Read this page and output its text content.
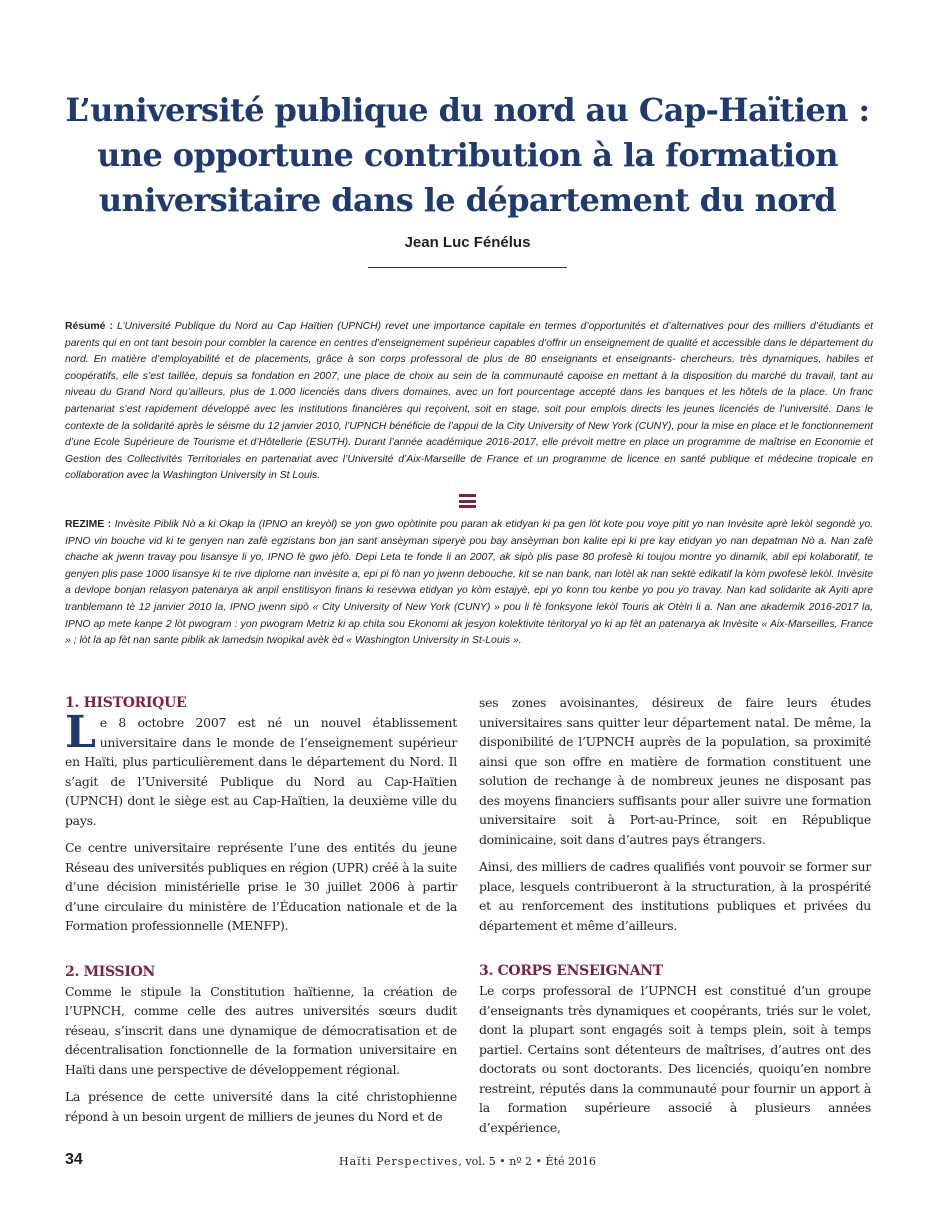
L’université publique du nord au Cap-Haïtien :
une opportune contribution à la formation
universitaire dans le département du nord
Jean Luc Fénélus

Résumé : L’Université Publique du Nord au Cap Haïtien (UPNCH) revet une importance capitale en termes d’opportunités et d’alternatives pour des milliers d’étudiants et parents qui en ont tant besoin pour combler la carence en centres d’enseignement supérieur capables d’offrir un enseignement de qualité et accessible dans le département du nord. En matière d’employabilité et de placements, grâce à son corps professoral de plus de 80 enseignants et enseignants- chercheurs, très dynamiques, habiles et coopératifs, elle s’est taillée, depuis sa fondation en 2007, une place de choix au sein de la communauté capoise en mettant à la disposition du marché du travail, tant au niveau du Grand Nord qu’ailleurs, plus de 1.000 licenciés dans divers domaines, avec un fort pourcentage accepté dans les banques et les hôtels de la place. Un franc partenariat s’est rapidement développé avec les institutions financières qui reçoivent, soit en stage, soit pour emplois directs les jeunes licenciés de l’université. Dans le contexte de la solidarité après le séisme du 12 janvier 2010, l’UPNCH bénéficie de l’appui de la City University of New York (CUNY), pour la mise en place et le fonctionnement d’une Ecole Supérieure de Tourisme et d’Hôtellerie (ESUTH). Durant l’année académique 2016-2017, elle prévoit mettre en place un programme de maîtrise en Economie et Gestion des Collectivités Territoriales en partenariat avec l’Université d’Aix-Marseille de France et un programme de licence en santé publique et médecine tropicale en collaboration avec la Washington University in St Louis.

REZIME : Invèsite Piblik Nò a ki Okap la (IPNO an kreyòl) se yon gwo opòtinite pou paran ak etidyan ki pa gen lòt kote pou voye pitit yo nan Invèsite aprè lekòl segondè yo. IPNO vin bouche vid ki te genyen nan zafè egzistans bon jan sant ansèyman siperyè pou bay ansèyman bon kalite epi ki pre kay etidyan yo nan depatman Nò a. Nan zafè chache ak jwenn travay pou lisansye li yo, IPNO fè gwo jèfò. Depi Leta te fonde li an 2007, ak sipò plis pase 80 profesè ki toujou montre yo dinamik, abil epi kolaboratif, te genyen plis pase 1000 lisansye ki te rive diplome nan invèsite a, epi pi fò nan yo jwenn debouche, kit se nan bank, nan lotèl ak nan sektè edikatif la kòm pwofesè lekòl. Invèsite a devlope bonjan relasyon patenarya ak anpil enstitisyon finans ki resevwa etidyan yo kòm estajyè, epi yo konn tou kenbe yo pou yo travay. Nan kad solidarite ak Ayiti apre tranblemann tè 12 janvier 2010 la, IPNO jwenn sipò « City University of New York (CUNY) » pou li fè fonksyone lekòl Touris ak Otèlri li a. Nan ane akademik 2016-2017 la, IPNO ap mete kanpe 2 lòt pwogram : yon pwogram Metriz ki ap chita sou Ekonomi ak jesyon kolektivite tèritoryal yo ki ap fèt an patenarya ak Invèsite « Aix-Marseilles, France » ; lòt la ap fèt nan sante piblik ak lamedsin twopikal avèk èd « Washington University in St-Louis ».

1. HISTORIQUE

Le 8 octobre 2007 est né un nouvel établissement universitaire dans le monde de l’enseignement supérieur en Haïti, plus particulièrement dans le département du Nord. Il s’agit de l’Université Publique du Nord au Cap-Haïtien (UPNCH) dont le siège est au Cap-Haïtien, la deuxième ville du pays.

Ce centre universitaire représente l’une des entités du jeune Réseau des universités publiques en région (UPR) créé à la suite d’une décision ministérielle prise le 30 juillet 2006 à partir d’une circulaire du ministère de l’Éducation nationale et de la Formation professionnelle (MENFP).

2. MISSION

Comme le stipule la Constitution haïtienne, la création de l’UPNCH, comme celle des autres universités sœurs dudit réseau, s’inscrit dans une dynamique de démocratisation et de décentralisation fonctionnelle de la formation universitaire en Haïti dans une perspective de développement régional.

La présence de cette université dans la cité christophienne répond à un besoin urgent de milliers de jeunes du Nord et de

ses zones avoisinantes, désireux de faire leurs études universitaires sans quitter leur département natal. De même, la disponibilité de l’UPNCH auprès de la population, sa proximité ainsi que son offre en matière de formation constituent une solution de rechange à de nombreux jeunes ne disposant pas des moyens financiers suffisants pour aller suivre une formation universitaire soit à Port-au-Prince, soit en République dominicaine, soit dans d’autres pays étrangers.

Ainsi, des milliers de cadres qualifiés vont pouvoir se former sur place, lesquels contribueront à la structuration, à la prospérité et au renforcement des institutions publiques et privées du département et même d’ailleurs.

3. CORPS ENSEIGNANT

Le corps professoral de l’UPNCH est constitué d’un groupe d’enseignants très dynamiques et coopérants, triés sur le volet, dont la plupart sont engagés soit à temps plein, soit à temps partiel. Certains sont détenteurs de maîtrises, d’autres ont des doctorats ou sont doctorants. Des licenciés, quoiqu’en nombre restreint, réputés dans la communauté pour fournir un apport à la formation supérieure associé à plusieurs années d’expérience,

34	Haïti Perspectives, vol. 5 • nº 2 • Été 2016
